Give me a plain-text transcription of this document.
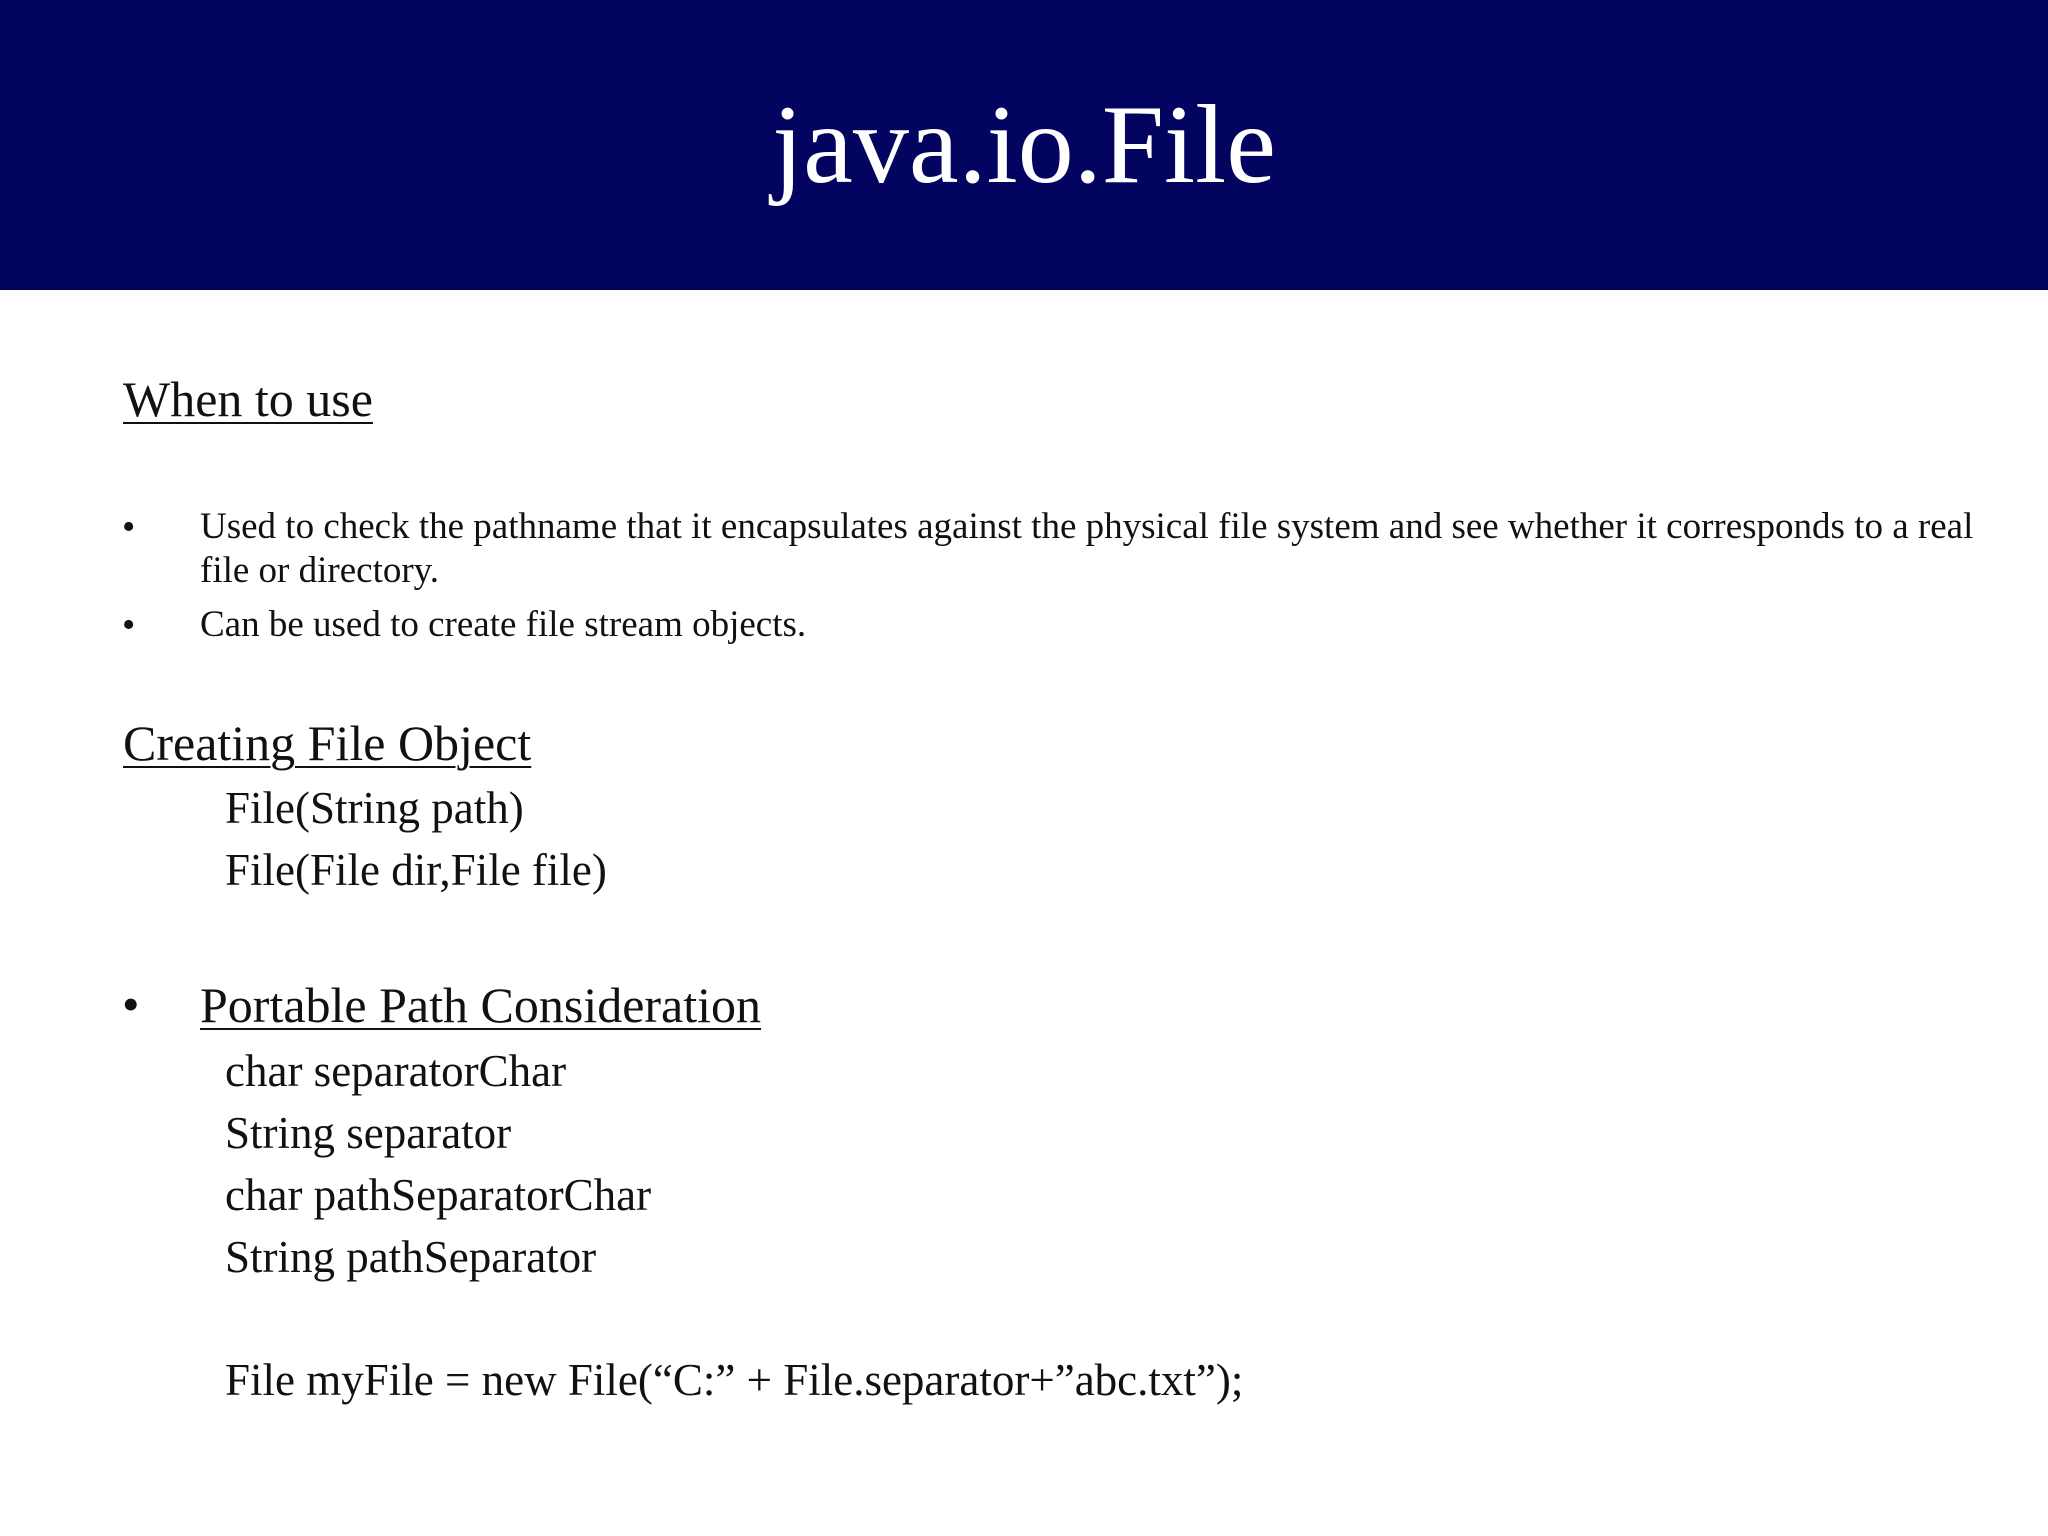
java.io.File
When to use
• Used to check the pathname that it encapsulates against the physical file system and see whether it corresponds to a real file or directory.
• Can be used to create file stream objects.
Creating File Object
File(String path)
File(File dir,File file)
• Portable Path Consideration
char separatorChar
String separator
char pathSeparatorChar
String pathSeparator
File myFile = new File(“C:” + File.separator+”abc.txt”);
